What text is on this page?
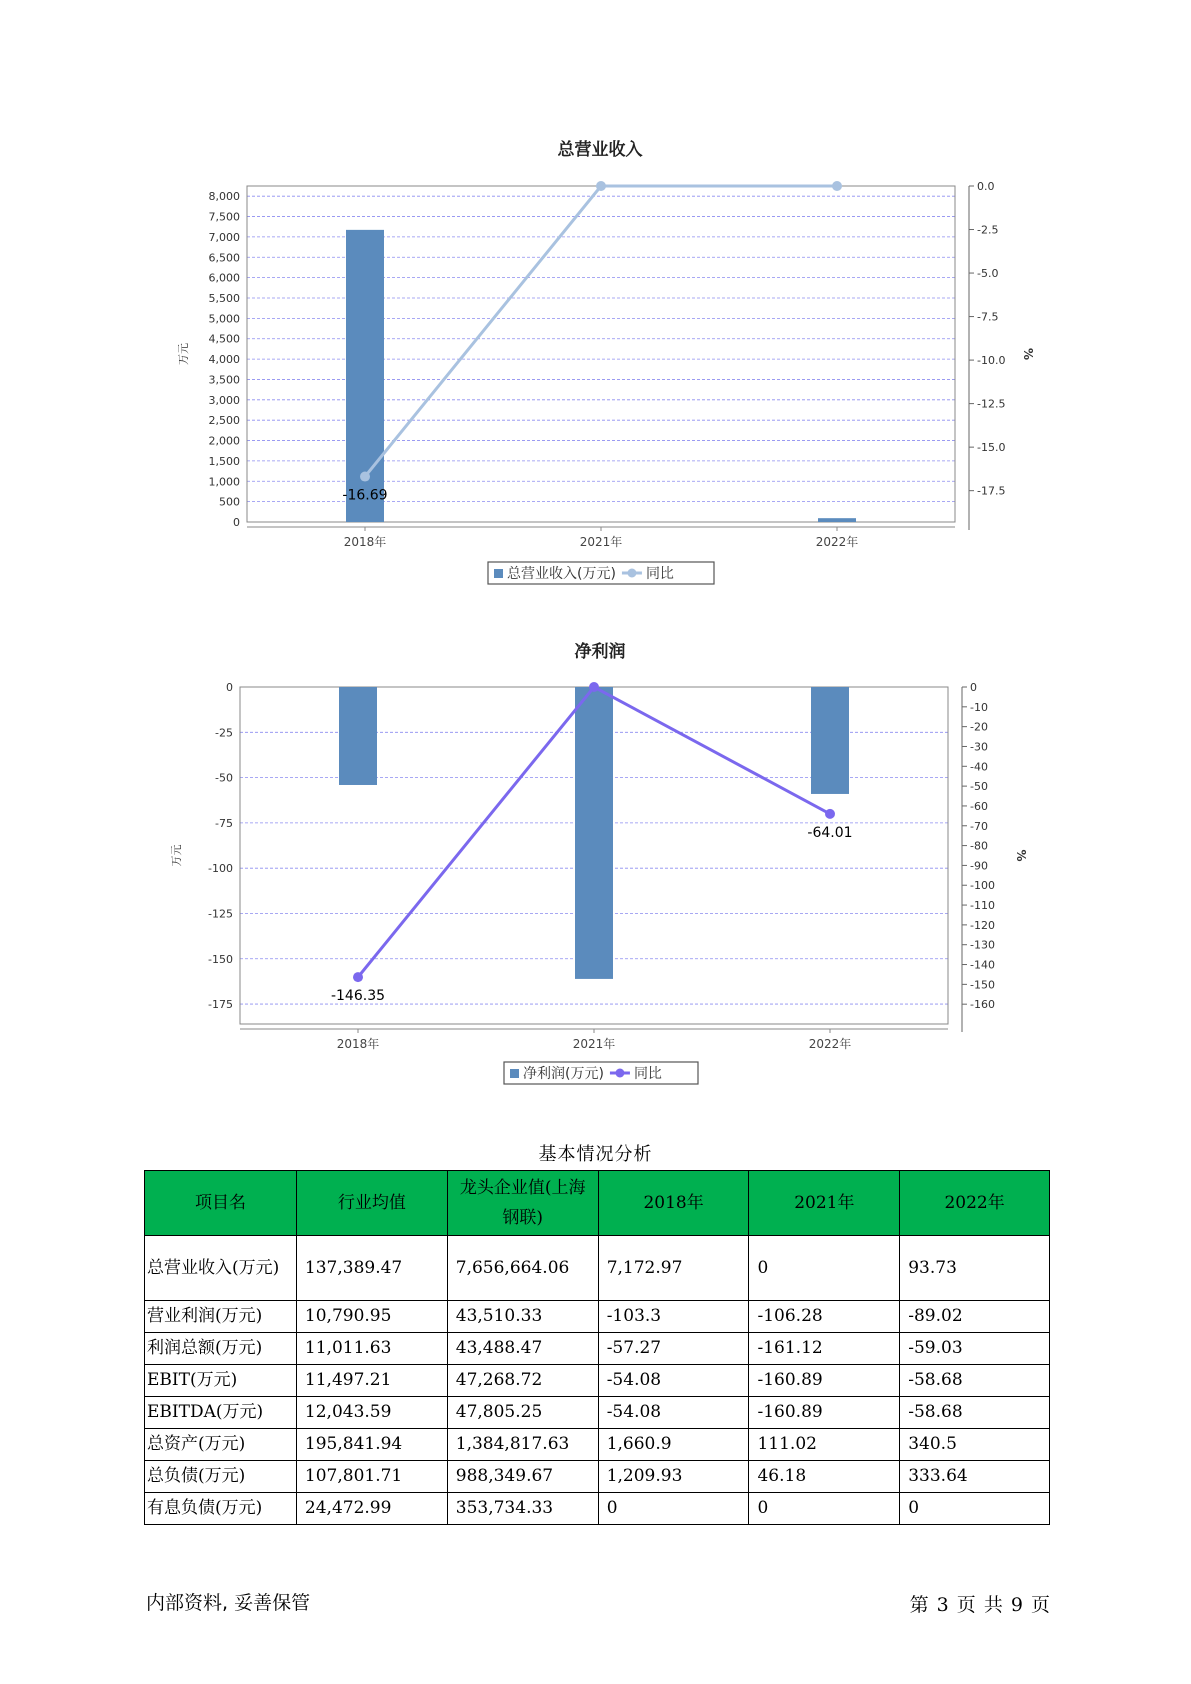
总营业收入
0
500
1,000
1,500
2,000
2,500
3,000
3,500
4,000
4,500
5,000
5,500
6,000
6,500
7,000
7,500
8,000
万元
0.0
-2.5
-5.0
-7.5
-10.0
-12.5
-15.0
-17.5
%
2018年	2021年	2022年
-16.69
总营业收入(万元) 同比
净利润
0
-25
-50
-75
-100
-125
-150
-175
万元
0
-10
-20
-30
-40
-50
-60
-70
-80
-90
-100
-110
-120
-130
-140
-150
-160
%
2018年	2021年	2022年
-146.35
-64.01
净利润(万元) 同比
基本情况分析
项目名	行业均值	龙头企业值(上海钢联)	2018年	2021年	2022年
总营业收入(万元)	137,389.47	7,656,664.06	7,172.97	0	93.73
营业利润(万元)	10,790.95	43,510.33	-103.3	-106.28	-89.02
利润总额(万元)	11,011.63	43,488.47	-57.27	-161.12	-59.03
EBIT(万元)	11,497.21	47,268.72	-54.08	-160.89	-58.68
EBITDA(万元)	12,043.59	47,805.25	-54.08	-160.89	-58.68
总资产(万元)	195,841.94	1,384,817.63	1,660.9	111.02	340.5
总负债(万元)	107,801.71	988,349.67	1,209.93	46.18	333.64
有息负债(万元)	24,472.99	353,734.33	0	0	0
内部资料, 妥善保管	第 3 页 共 9 页
